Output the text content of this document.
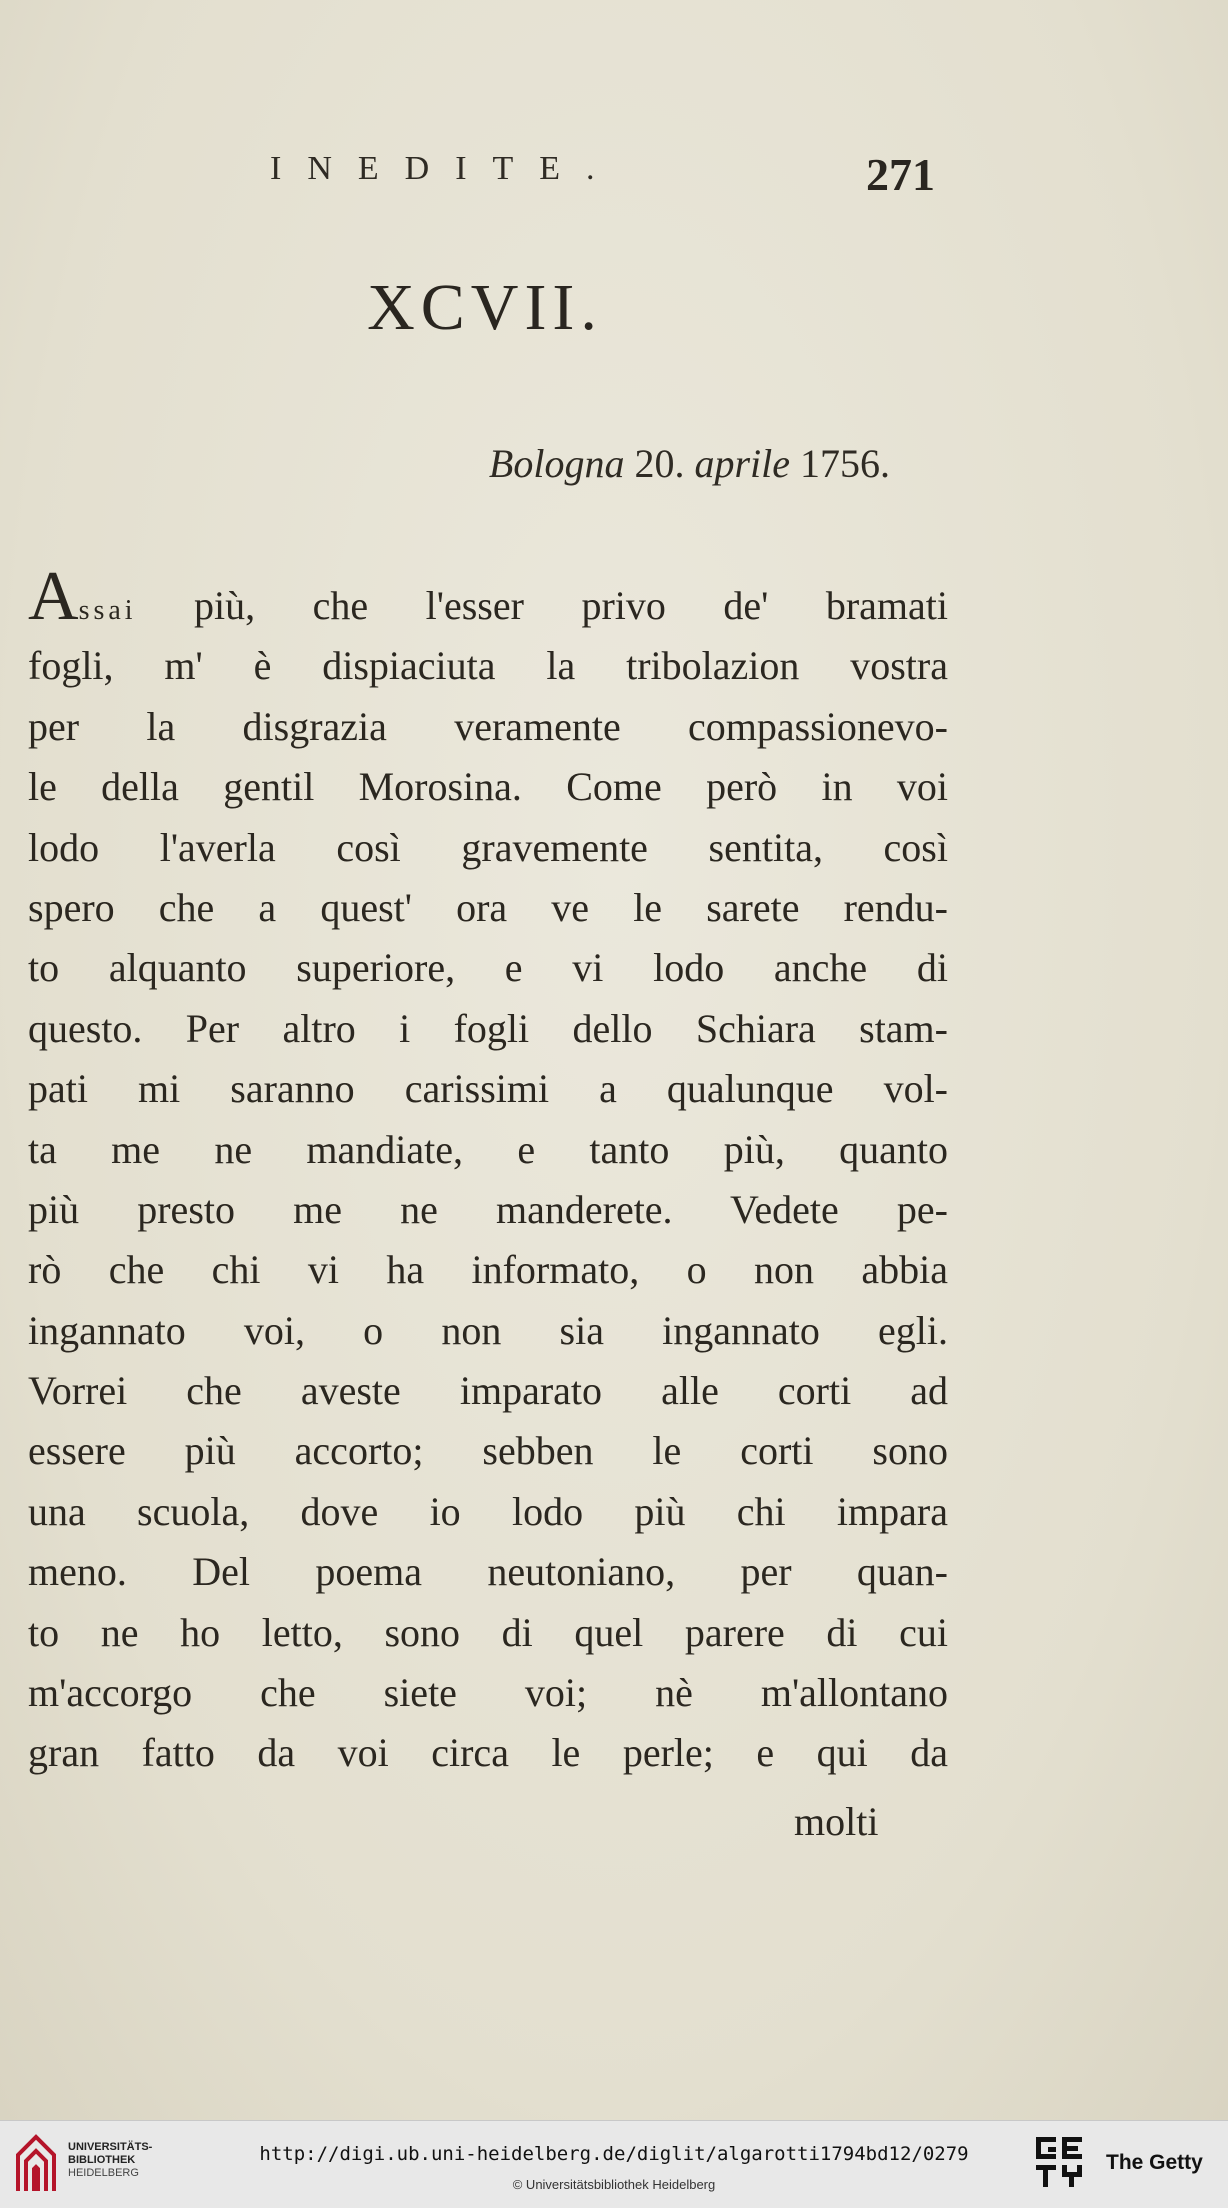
INEDITE.	271
XCVII.
Bologna 20. aprile 1756.
Assai più, che l'esser privo de' bramati
fogli, m' è dispiaciuta la tribolazion vostra
per la disgrazia veramente compassionevo-
le della gentil Morosina. Come però in voi
lodo l'averla così gravemente sentita, così
spero che a quest' ora ve le sarete rendu-
to alquanto superiore, e vi lodo anche di
questo. Per altro i fogli dello Schiara stam-
pati mi saranno carissimi a qualunque vol-
ta me ne mandiate, e tanto più, quanto
più presto me ne manderete. Vedete pe-
rò che chi vi ha informato, o non abbia
ingannato voi, o non sia ingannato egli.
Vorrei che aveste imparato alle corti ad
essere più accorto; sebben le corti sono
una scuola, dove io lodo più chi impara
meno. Del poema neutoniano, per quan-
to ne ho letto, sono di quel parere di cui
m'accorgo che siete voi; nè m'allontano
gran fatto da voi circa le perle; e qui da
molti
UNIVERSITÄTS-
BIBLIOTHEK
HEIDELBERG
http://digi.ub.uni-heidelberg.de/diglit/algarotti1794bd12/0279
© Universitätsbibliothek Heidelberg
The Getty
